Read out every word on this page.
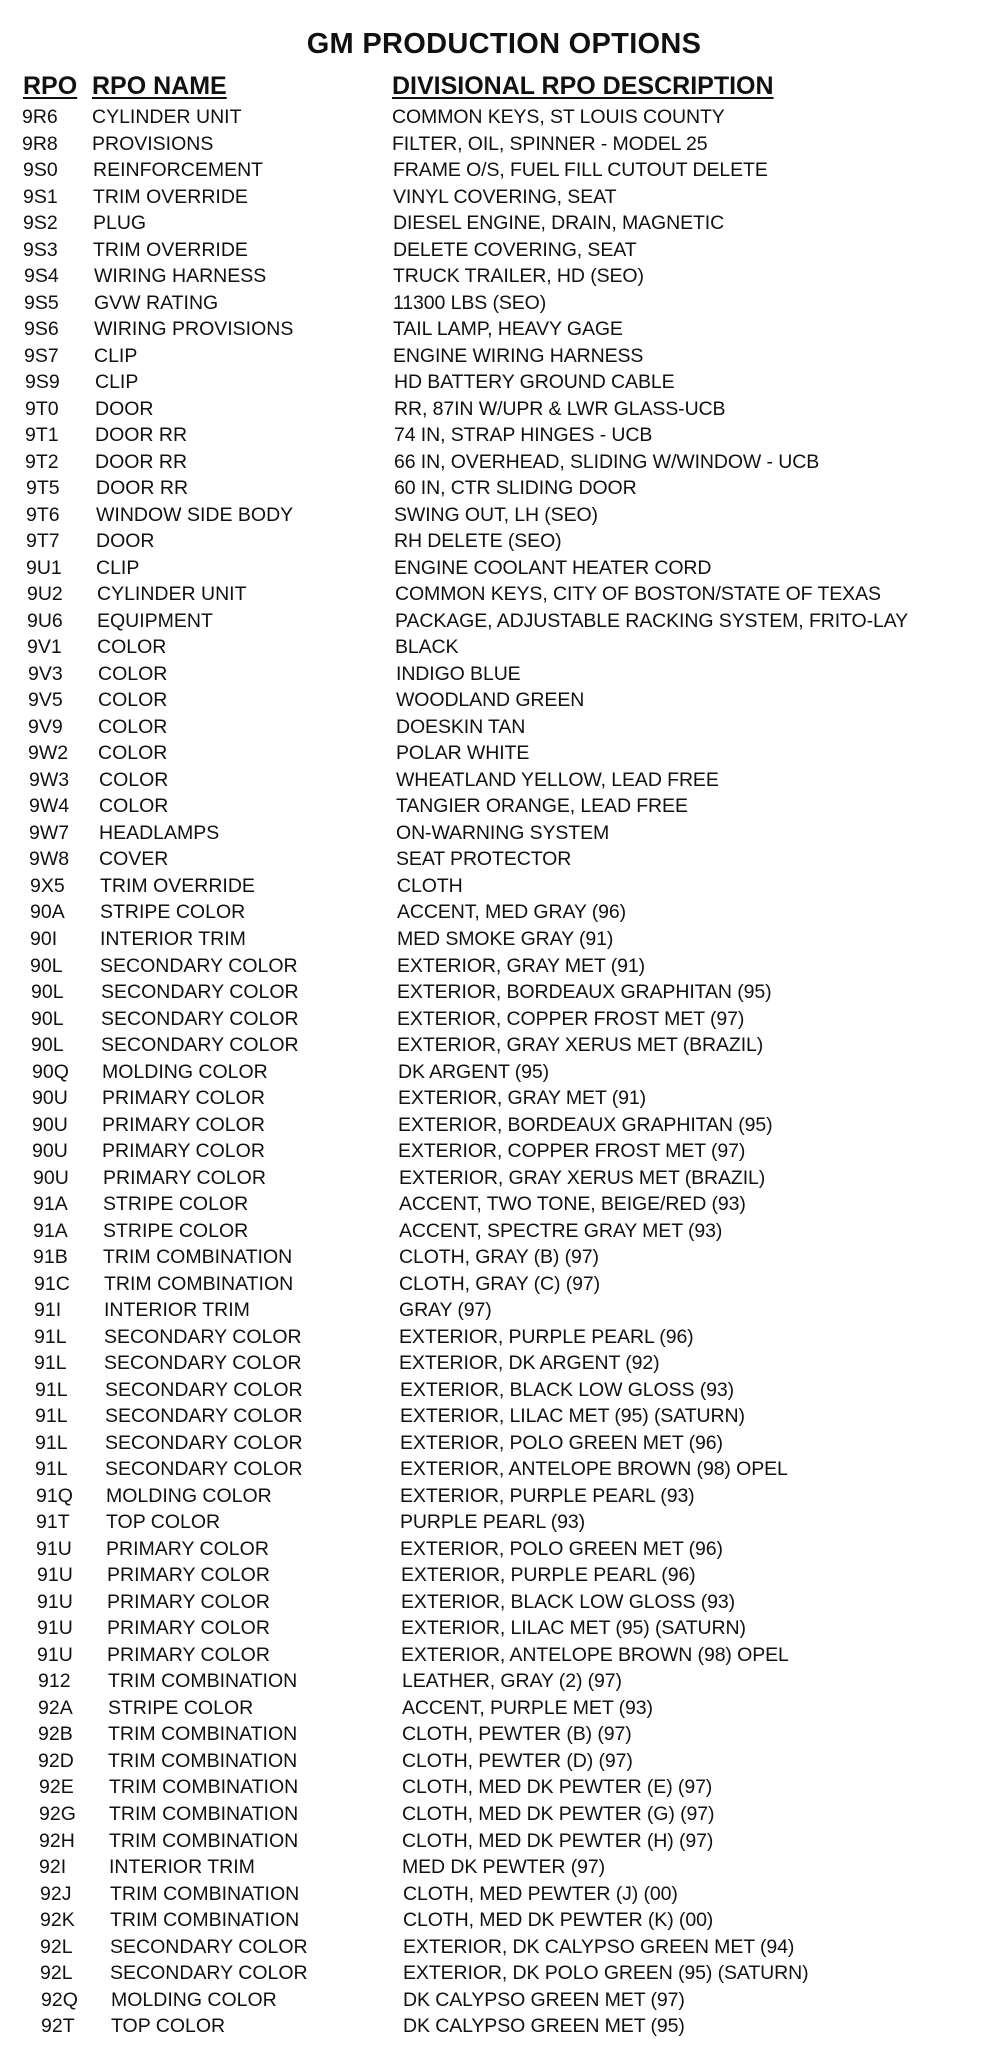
GM PRODUCTION OPTIONS
RPO RPO NAME	DIVISIONAL RPO DESCRIPTION
9R6	CYLINDER UNIT	COMMON KEYS, ST LOUIS COUNTY
9R8	PROVISIONS	FILTER, OIL, SPINNER - MODEL 25
9S0	REINFORCEMENT	FRAME O/S, FUEL FILL CUTOUT DELETE
9S1	TRIM OVERRIDE	VINYL COVERING, SEAT
9S2	PLUG	DIESEL ENGINE, DRAIN, MAGNETIC
9S3	TRIM OVERRIDE	DELETE COVERING, SEAT
9S4	WIRING HARNESS	TRUCK TRAILER, HD (SEO)
9S5	GVW RATING	11300 LBS (SEO)
9S6	WIRING PROVISIONS	TAIL LAMP, HEAVY GAGE
9S7	CLIP	ENGINE WIRING HARNESS
9S9	CLIP	HD BATTERY GROUND CABLE
9T0	DOOR	RR, 87IN W/UPR & LWR GLASS-UCB
9T1	DOOR RR	74 IN, STRAP HINGES - UCB
9T2	DOOR RR	66 IN, OVERHEAD, SLIDING W/WINDOW - UCB
9T5	DOOR RR	60 IN, CTR SLIDING DOOR
9T6	WINDOW SIDE BODY	SWING OUT, LH (SEO)
9T7	DOOR	RH DELETE (SEO)
9U1	CLIP	ENGINE COOLANT HEATER CORD
9U2	CYLINDER UNIT	COMMON KEYS, CITY OF BOSTON/STATE OF TEXAS
9U6	EQUIPMENT	PACKAGE, ADJUSTABLE RACKING SYSTEM, FRITO-LAY
9V1	COLOR	BLACK
9V3	COLOR	INDIGO BLUE
9V5	COLOR	WOODLAND GREEN
9V9	COLOR	DOESKIN TAN
9W2	COLOR	POLAR WHITE
9W3	COLOR	WHEATLAND YELLOW, LEAD FREE
9W4	COLOR	TANGIER ORANGE, LEAD FREE
9W7	HEADLAMPS	ON-WARNING SYSTEM
9W8	COVER	SEAT PROTECTOR
9X5	TRIM OVERRIDE	CLOTH
90A	STRIPE COLOR	ACCENT, MED GRAY (96)
90I	INTERIOR TRIM	MED SMOKE GRAY (91)
90L	SECONDARY COLOR	EXTERIOR, GRAY MET (91)
90L	SECONDARY COLOR	EXTERIOR, BORDEAUX GRAPHITAN (95)
90L	SECONDARY COLOR	EXTERIOR, COPPER FROST MET (97)
90L	SECONDARY COLOR	EXTERIOR, GRAY XERUS MET (BRAZIL)
90Q	MOLDING COLOR	DK ARGENT (95)
90U	PRIMARY COLOR	EXTERIOR, GRAY MET (91)
90U	PRIMARY COLOR	EXTERIOR, BORDEAUX GRAPHITAN (95)
90U	PRIMARY COLOR	EXTERIOR, COPPER FROST MET (97)
90U	PRIMARY COLOR	EXTERIOR, GRAY XERUS MET (BRAZIL)
91A	STRIPE COLOR	ACCENT, TWO TONE, BEIGE/RED (93)
91A	STRIPE COLOR	ACCENT, SPECTRE GRAY MET (93)
91B	TRIM COMBINATION	CLOTH, GRAY (B) (97)
91C	TRIM COMBINATION	CLOTH, GRAY (C) (97)
91I	INTERIOR TRIM	GRAY (97)
91L	SECONDARY COLOR	EXTERIOR, PURPLE PEARL (96)
91L	SECONDARY COLOR	EXTERIOR, DK ARGENT (92)
91L	SECONDARY COLOR	EXTERIOR, BLACK LOW GLOSS (93)
91L	SECONDARY COLOR	EXTERIOR, LILAC MET (95) (SATURN)
91L	SECONDARY COLOR	EXTERIOR, POLO GREEN MET (96)
91L	SECONDARY COLOR	EXTERIOR, ANTELOPE BROWN (98) OPEL
91Q	MOLDING COLOR	EXTERIOR, PURPLE PEARL (93)
91T	TOP COLOR	PURPLE PEARL (93)
91U	PRIMARY COLOR	EXTERIOR, POLO GREEN MET (96)
91U	PRIMARY COLOR	EXTERIOR, PURPLE PEARL (96)
91U	PRIMARY COLOR	EXTERIOR, BLACK LOW GLOSS (93)
91U	PRIMARY COLOR	EXTERIOR, LILAC MET (95) (SATURN)
91U	PRIMARY COLOR	EXTERIOR, ANTELOPE BROWN (98) OPEL
912	TRIM COMBINATION	LEATHER, GRAY (2) (97)
92A	STRIPE COLOR	ACCENT, PURPLE MET (93)
92B	TRIM COMBINATION	CLOTH, PEWTER (B) (97)
92D	TRIM COMBINATION	CLOTH, PEWTER (D) (97)
92E	TRIM COMBINATION	CLOTH, MED DK PEWTER (E) (97)
92G	TRIM COMBINATION	CLOTH, MED DK PEWTER (G) (97)
92H	TRIM COMBINATION	CLOTH, MED DK PEWTER (H) (97)
92I	INTERIOR TRIM	MED DK PEWTER (97)
92J	TRIM COMBINATION	CLOTH, MED PEWTER (J) (00)
92K	TRIM COMBINATION	CLOTH, MED DK PEWTER (K) (00)
92L	SECONDARY COLOR	EXTERIOR, DK CALYPSO GREEN MET (94)
92L	SECONDARY COLOR	EXTERIOR, DK POLO GREEN (95) (SATURN)
92Q	MOLDING COLOR	DK CALYPSO GREEN MET (97)
92T	TOP COLOR	DK CALYPSO GREEN MET (95)
